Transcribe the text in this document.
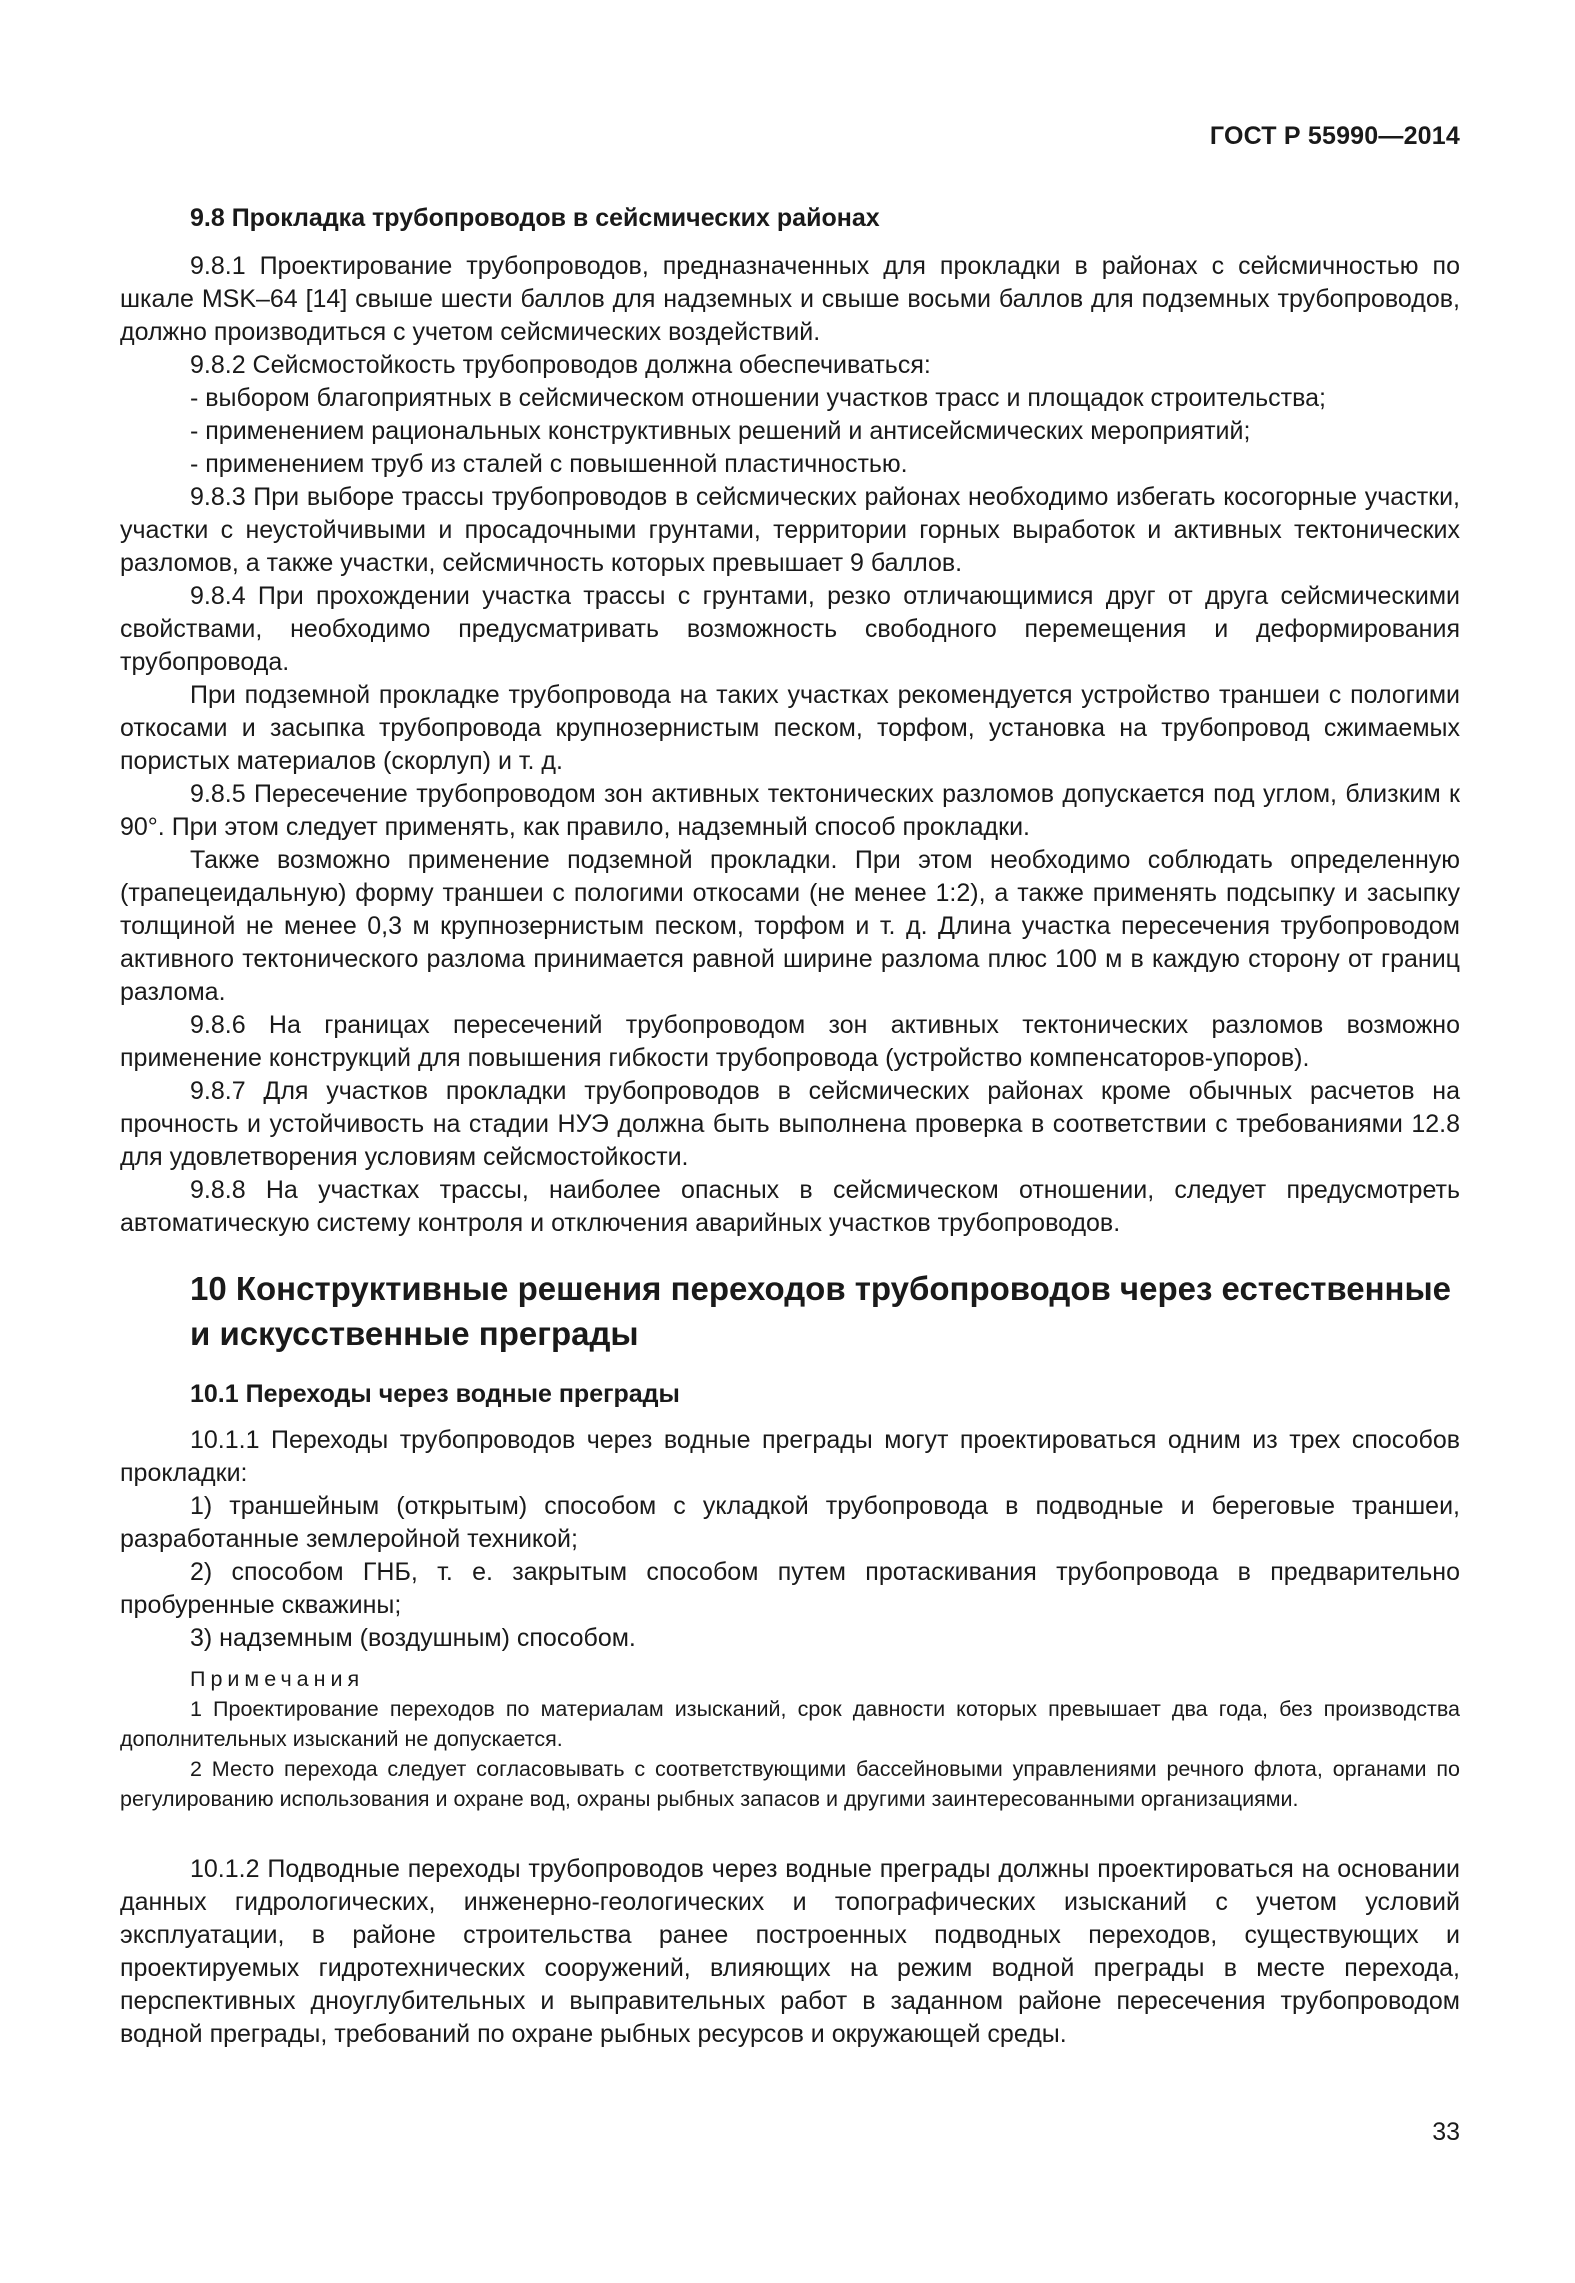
ГОСТ Р 55990—2014
9.8 Прокладка трубопроводов в сейсмических районах

9.8.1 Проектирование трубопроводов, предназначенных для прокладки в районах с сейсмичностью по шкале MSK–64 [14] свыше шести баллов для надземных и свыше восьми баллов для подземных трубопроводов, должно производиться с учетом сейсмических воздействий.

9.8.2 Сейсмостойкость трубопроводов должна обеспечиваться:

- выбором благоприятных в сейсмическом отношении участков трасс и площадок строительства;

- применением рациональных конструктивных решений и антисейсмических мероприятий;

- применением труб из сталей с повышенной пластичностью.

9.8.3 При выборе трассы трубопроводов в сейсмических районах необходимо избегать косогорные участки, участки с неустойчивыми и просадочными грунтами, территории горных выработок и активных тектонических разломов, а также участки, сейсмичность которых превышает 9 баллов.

9.8.4 При прохождении участка трассы с грунтами, резко отличающимися друг от друга сейсмическими свойствами, необходимо предусматривать возможность свободного перемещения и деформирования трубопровода.

При подземной прокладке трубопровода на таких участках рекомендуется устройство траншеи с пологими откосами и засыпка трубопровода крупнозернистым песком, торфом, установка на трубопровод сжимаемых пористых материалов (скорлуп) и т. д.

9.8.5 Пересечение трубопроводом зон активных тектонических разломов допускается под углом, близким к 90°. При этом следует применять, как правило, надземный способ прокладки.

Также возможно применение подземной прокладки. При этом необходимо соблюдать определенную (трапецеидальную) форму траншеи с пологими откосами (не менее 1:2), а также применять подсыпку и засыпку толщиной не менее 0,3 м крупнозернистым песком, торфом и т. д. Длина участка пересечения трубопроводом активного тектонического разлома принимается равной ширине разлома плюс 100 м в каждую сторону от границ разлома.

9.8.6 На границах пересечений трубопроводом зон активных тектонических разломов возможно применение конструкций для повышения гибкости трубопровода (устройство компенсаторов-упоров).

9.8.7 Для участков прокладки трубопроводов в сейсмических районах кроме обычных расчетов на прочность и устойчивость на стадии НУЭ должна быть выполнена проверка в соответствии с требованиями 12.8 для удовлетворения условиям сейсмостойкости.

9.8.8 На участках трассы, наиболее опасных в сейсмическом отношении, следует предусмотреть автоматическую систему контроля и отключения аварийных участков трубопроводов.

10 Конструктивные решения переходов трубопроводов через естественные и искусственные преграды
10.1 Переходы через водные преграды

10.1.1 Переходы трубопроводов через водные преграды могут проектироваться одним из трех способов прокладки:

1) траншейным (открытым) способом с укладкой трубопровода в подводные и береговые траншеи, разработанные землеройной техникой;

2) способом ГНБ, т. е. закрытым способом путем протаскивания трубопровода в предварительно пробуренные скважины;

3) надземным (воздушным) способом.

Примечания

1 Проектирование переходов по материалам изысканий, срок давности которых превышает два года, без производства дополнительных изысканий не допускается.

2 Место перехода следует согласовывать с соответствующими бассейновыми управлениями речного флота, органами по регулированию использования и охране вод, охраны рыбных запасов и другими заинтересованными организациями.

10.1.2 Подводные переходы трубопроводов через водные преграды должны проектироваться на основании данных гидрологических, инженерно-геологических и топографических изысканий с учетом условий эксплуатации, в районе строительства ранее построенных подводных переходов, существующих и проектируемых гидротехнических сооружений, влияющих на режим водной преграды в месте перехода, перспективных дноуглубительных и выправительных работ в заданном районе пересечения трубопроводом водной преграды, требований по охране рыбных ресурсов и окружающей среды.

33
